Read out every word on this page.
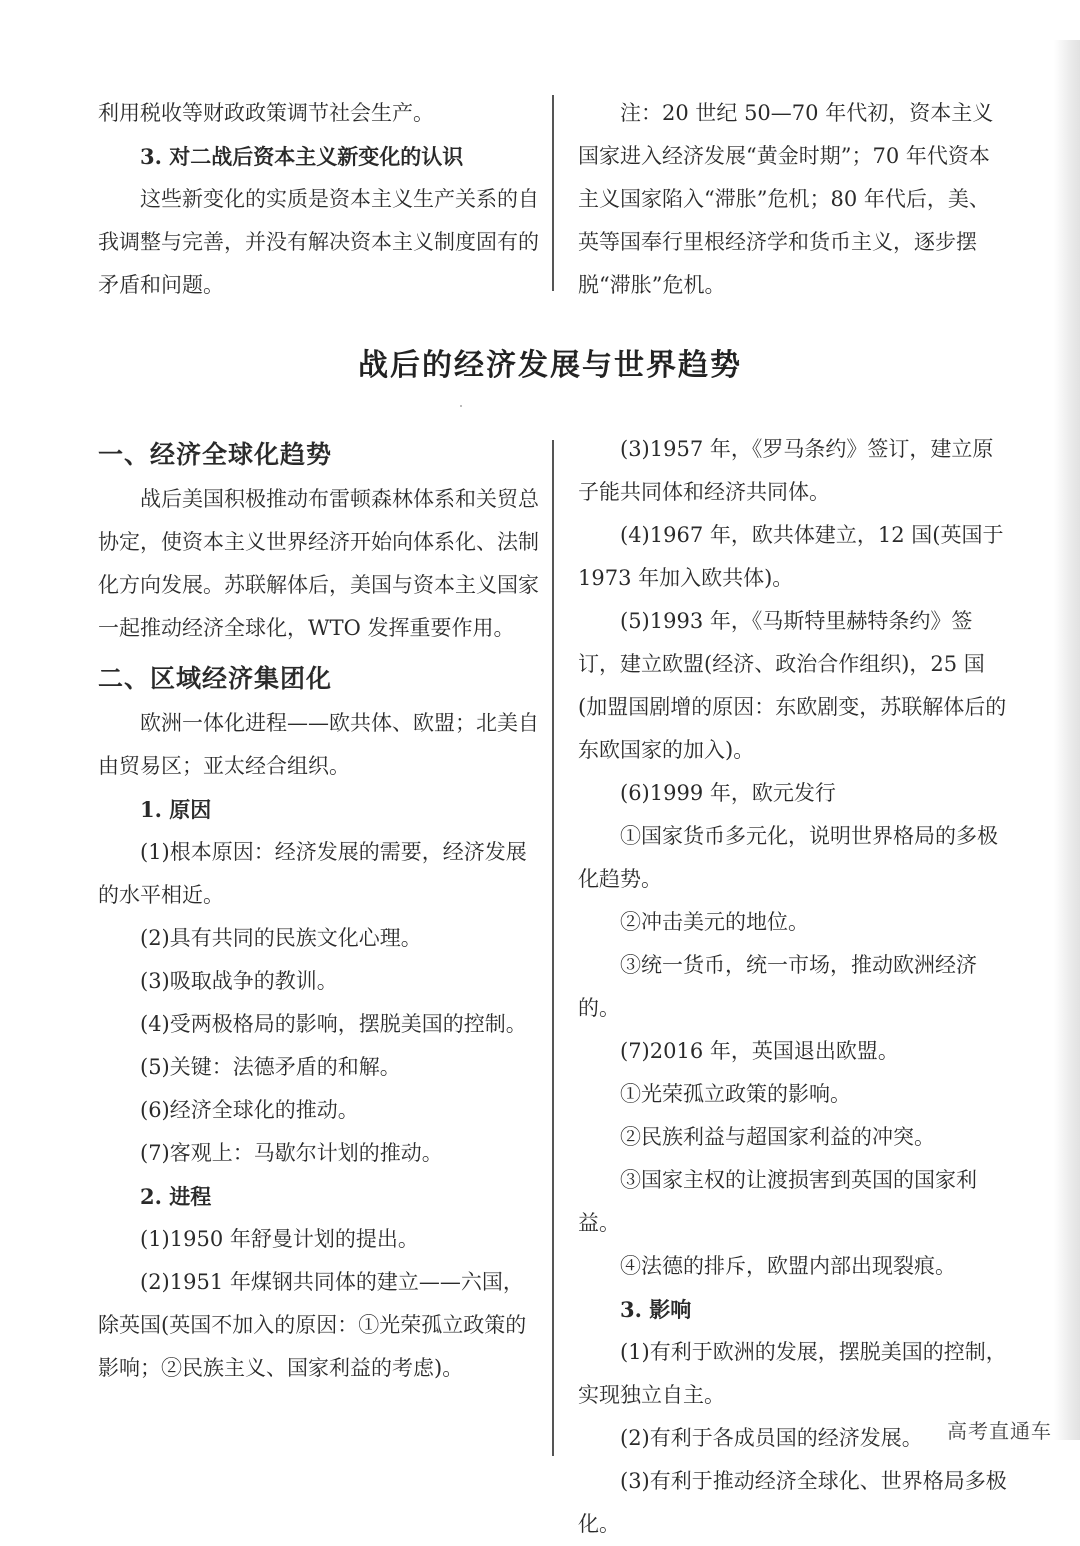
利用税收等财政政策调节社会生产。

3. 对二战后资本主义新变化的认识

这些新变化的实质是资本主义生产关系的自我调整与完善，并没有解决资本主义制度固有的矛盾和问题。

注：20 世纪 50—70 年代初，资本主义国家进入经济发展“黄金时期”；70 年代资本主义国家陷入“滞胀”危机；80 年代后，美、英等国奉行里根经济学和货币主义，逐步摆脱“滞胀”危机。

战后的经济发展与世界趋势
一、经济全球化趋势

战后美国积极推动布雷顿森林体系和关贸总协定，使资本主义世界经济开始向体系化、法制化方向发展。苏联解体后，美国与资本主义国家一起推动经济全球化，WTO 发挥重要作用。

二、区域经济集团化

欧洲一体化进程——欧共体、欧盟；北美自由贸易区；亚太经合组织。

1. 原因

(1)根本原因：经济发展的需要，经济发展的水平相近。

(2)具有共同的民族文化心理。

(3)吸取战争的教训。

(4)受两极格局的影响，摆脱美国的控制。

(5)关键：法德矛盾的和解。

(6)经济全球化的推动。

(7)客观上：马歇尔计划的推动。

2. 进程

(1)1950 年舒曼计划的提出。

(2)1951 年煤钢共同体的建立——六国，除英国(英国不加入的原因：①光荣孤立政策的影响；②民族主义、国家利益的考虑)。

(3)1957 年，《罗马条约》签订，建立原子能共同体和经济共同体。

(4)1967 年，欧共体建立，12 国(英国于 1973 年加入欧共体)。

(5)1993 年，《马斯特里赫特条约》签订，建立欧盟(经济、政治合作组织)，25 国(加盟国剧增的原因：东欧剧变，苏联解体后的东欧国家的加入)。

(6)1999 年，欧元发行

①国家货币多元化，说明世界格局的多极化趋势。

②冲击美元的地位。

③统一货币，统一市场，推动欧洲经济的。

(7)2016 年，英国退出欧盟。

①光荣孤立政策的影响。

②民族利益与超国家利益的冲突。

③国家主权的让渡损害到英国的国家利益。

④法德的排斥，欧盟内部出现裂痕。

3. 影响

(1)有利于欧洲的发展，摆脱美国的控制，实现独立自主。

(2)有利于各成员国的经济发展。

(3)有利于推动经济全球化、世界格局多极化。

高考直通车
